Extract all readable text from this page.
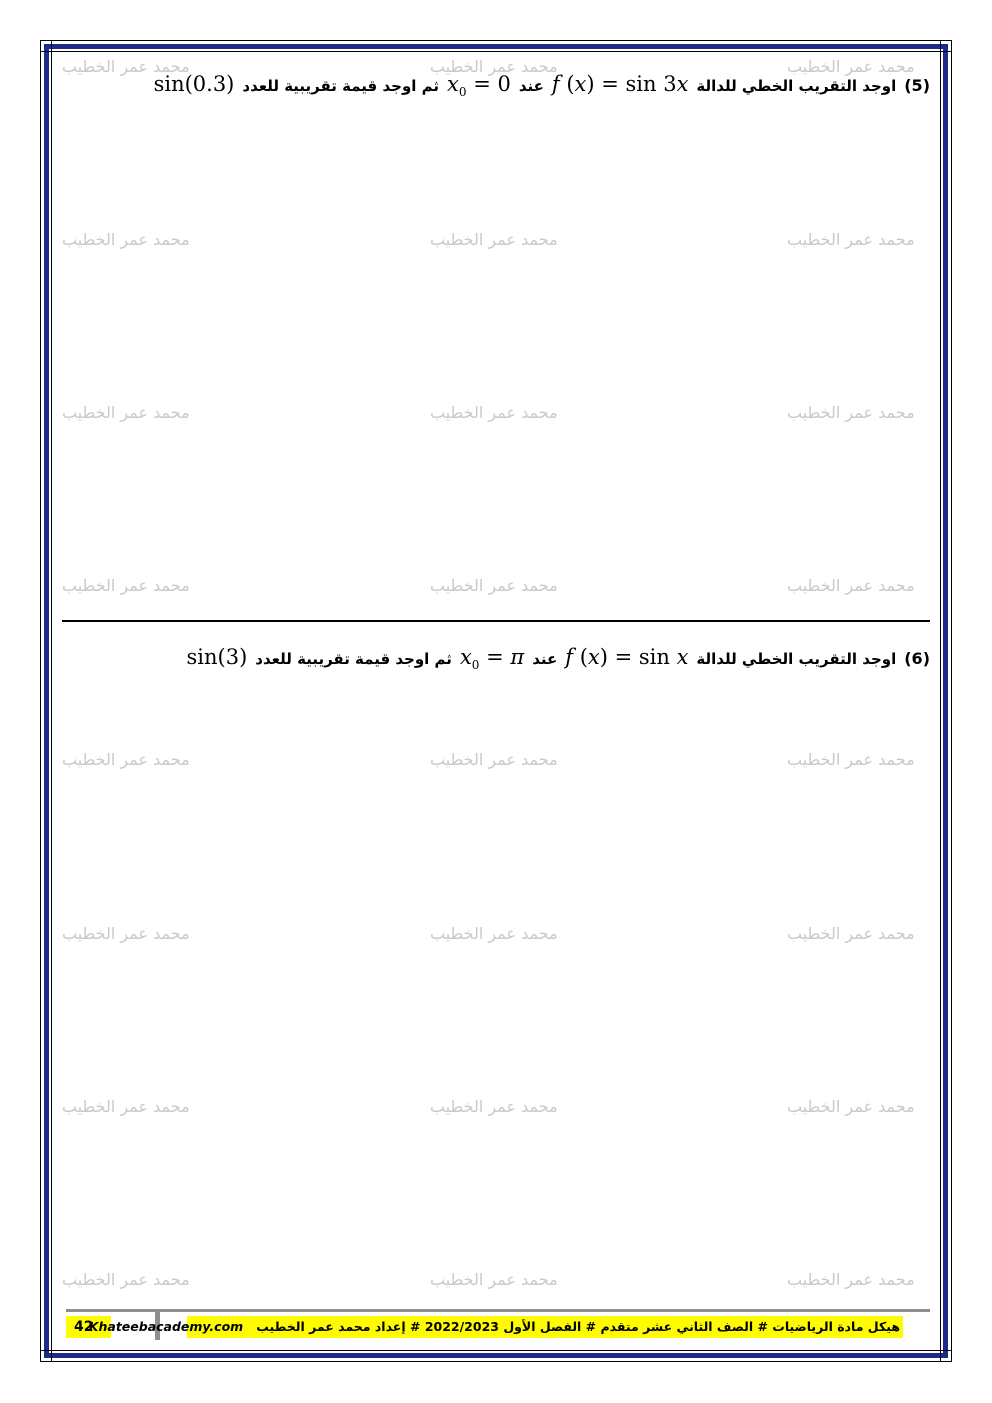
محمد عمر الخطيب	محمد عمر الخطيب	محمد عمر الخطيب
محمد عمر الخطيب	محمد عمر الخطيب	محمد عمر الخطيب
محمد عمر الخطيب	محمد عمر الخطيب	محمد عمر الخطيب
محمد عمر الخطيب	محمد عمر الخطيب	محمد عمر الخطيب
محمد عمر الخطيب	محمد عمر الخطيب	محمد عمر الخطيب
محمد عمر الخطيب	محمد عمر الخطيب	محمد عمر الخطيب
محمد عمر الخطيب	محمد عمر الخطيب	محمد عمر الخطيب
محمد عمر الخطيب	محمد عمر الخطيب	محمد عمر الخطيب
(5)
اوجد التقريب الخطي للدالة
f (x) = sin 3x
عند
$x_0 = 0$
ثم اوجد قيمة تقريبية للعدد
sin(0.3)
(6)
اوجد التقريب الخطي للدالة
f (x) = sin x
عند
$x_0 = \pi$
ثم اوجد قيمة تقريبية للعدد
sin(3)
42	هيكل مادة الرياضيات # الصف الثاني عشر متقدم # الفصل الأول 2022/2023 # إعداد محمد عمر الخطيب   Khateebacademy.com
